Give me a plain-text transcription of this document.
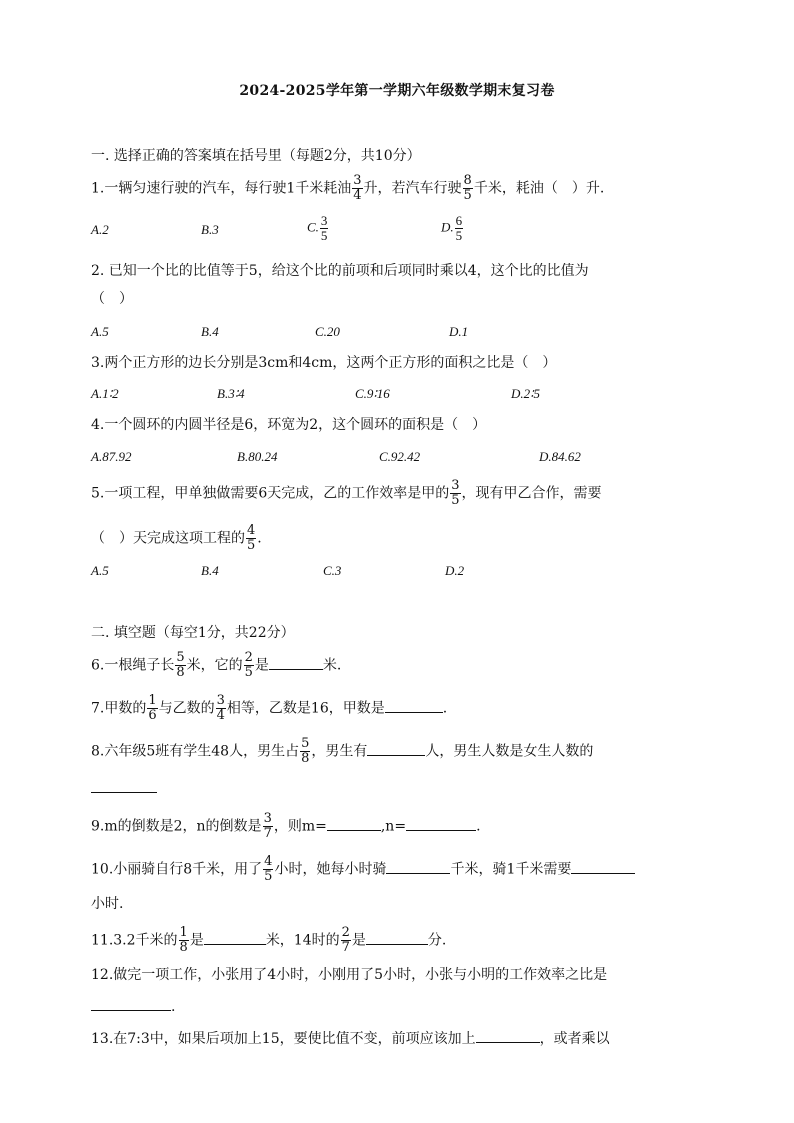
2024-2025学年第一学期六年级数学期末复习卷
一. 选择正确的答案填在括号里（每题2分，共10分）
1.一辆匀速行驶的汽车，每行驶1千米耗油 $\frac{3}{4}$ 升，若汽车行驶 $\frac{8}{5}$ 千米，耗油（　）升.
A.2	B.3	C. $\frac{3}{5}$	D. $\frac{6}{5}$
2. 已知一个比的比值等于5，给这个比的前项和后项同时乘以4，这个比的比值为
（　）
A.5	B.4	C.20	D.1
3.两个正方形的边长分别是3cm和4cm，这两个正方形的面积之比是（　）
A.1∶2	B.3∶4	C.9∶16	D.2∶5
4.一个圆环的内圆半径是6，环宽为2，这个圆环的面积是（　）
A.87.92	B.80.24	C.92.42	D.84.62
5.一项工程，甲单独做需要6天完成，乙的工作效率是甲的 $\frac{3}{5}$ ，现有甲乙合作，需要
（　）天完成这项工程的 $\frac{4}{5}$ .
A.5	B.4	C.3	D.2
二. 填空题（每空1分，共22分）
6.一根绳子长 $\frac{5}{8}$ 米，它的 $\frac{2}{5}$ 是	米.
7.甲数的 $\frac{1}{6}$ 与乙数的 $\frac{3}{4}$ 相等，乙数是16，甲数是	.
8.六年级5班有学生48人，男生占 $\frac{5}{8}$ ，男生有	人，男生人数是女生人数的
9.m的倒数是2，n的倒数是 $\frac{3}{7}$ ，则m=	,n=	.
10.小丽骑自行8千米，用了 $\frac{4}{5}$ 小时，她每小时骑	千米，骑1千米需要
小时.
11.3.2千米的 $\frac{1}{8}$ 是	米，14时的 $\frac{2}{7}$ 是	分.
12.做完一项工作，小张用了4小时，小刚用了5小时，小张与小明的工作效率之比是
.
13.在7:3中，如果后项加上15，要使比值不变，前项应该加上	，或者乘以
